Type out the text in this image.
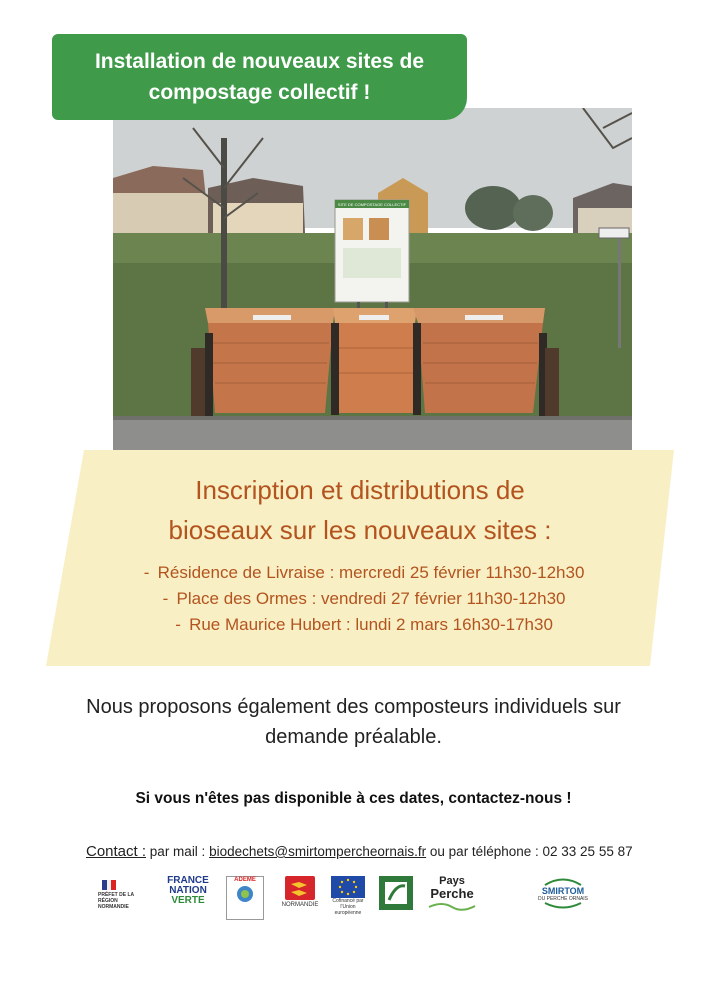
Installation de nouveaux sites de
compostage collectif !
SITE DE COMPOSTAGE COLLECTIF
Inscription et distributions de
bioseaux sur les nouveaux sites :
- Résidence de Livraise : mercredi 25 février 11h30-12h30
- Place des Ormes : vendredi 27 février 11h30-12h30
- Rue Maurice Hubert : lundi 2 mars 16h30-17h30
Nous proposons également des composteurs individuels sur
demande préalable.
Si vous n'êtes pas disponible à ces dates, contactez-nous !
Contact : par mail : biodechets@smirtompercheornais.fr ou par téléphone : 02 33 25 55 87
PRÉFET DE LA RÉGION NORMANDIE
FRANCE
NATION
VERTE
ADEME
NORMANDIE
Cofinancé par l'Union européenne
Pays
Perche	SMIRTOM
DU PERCHE ORNAIS
